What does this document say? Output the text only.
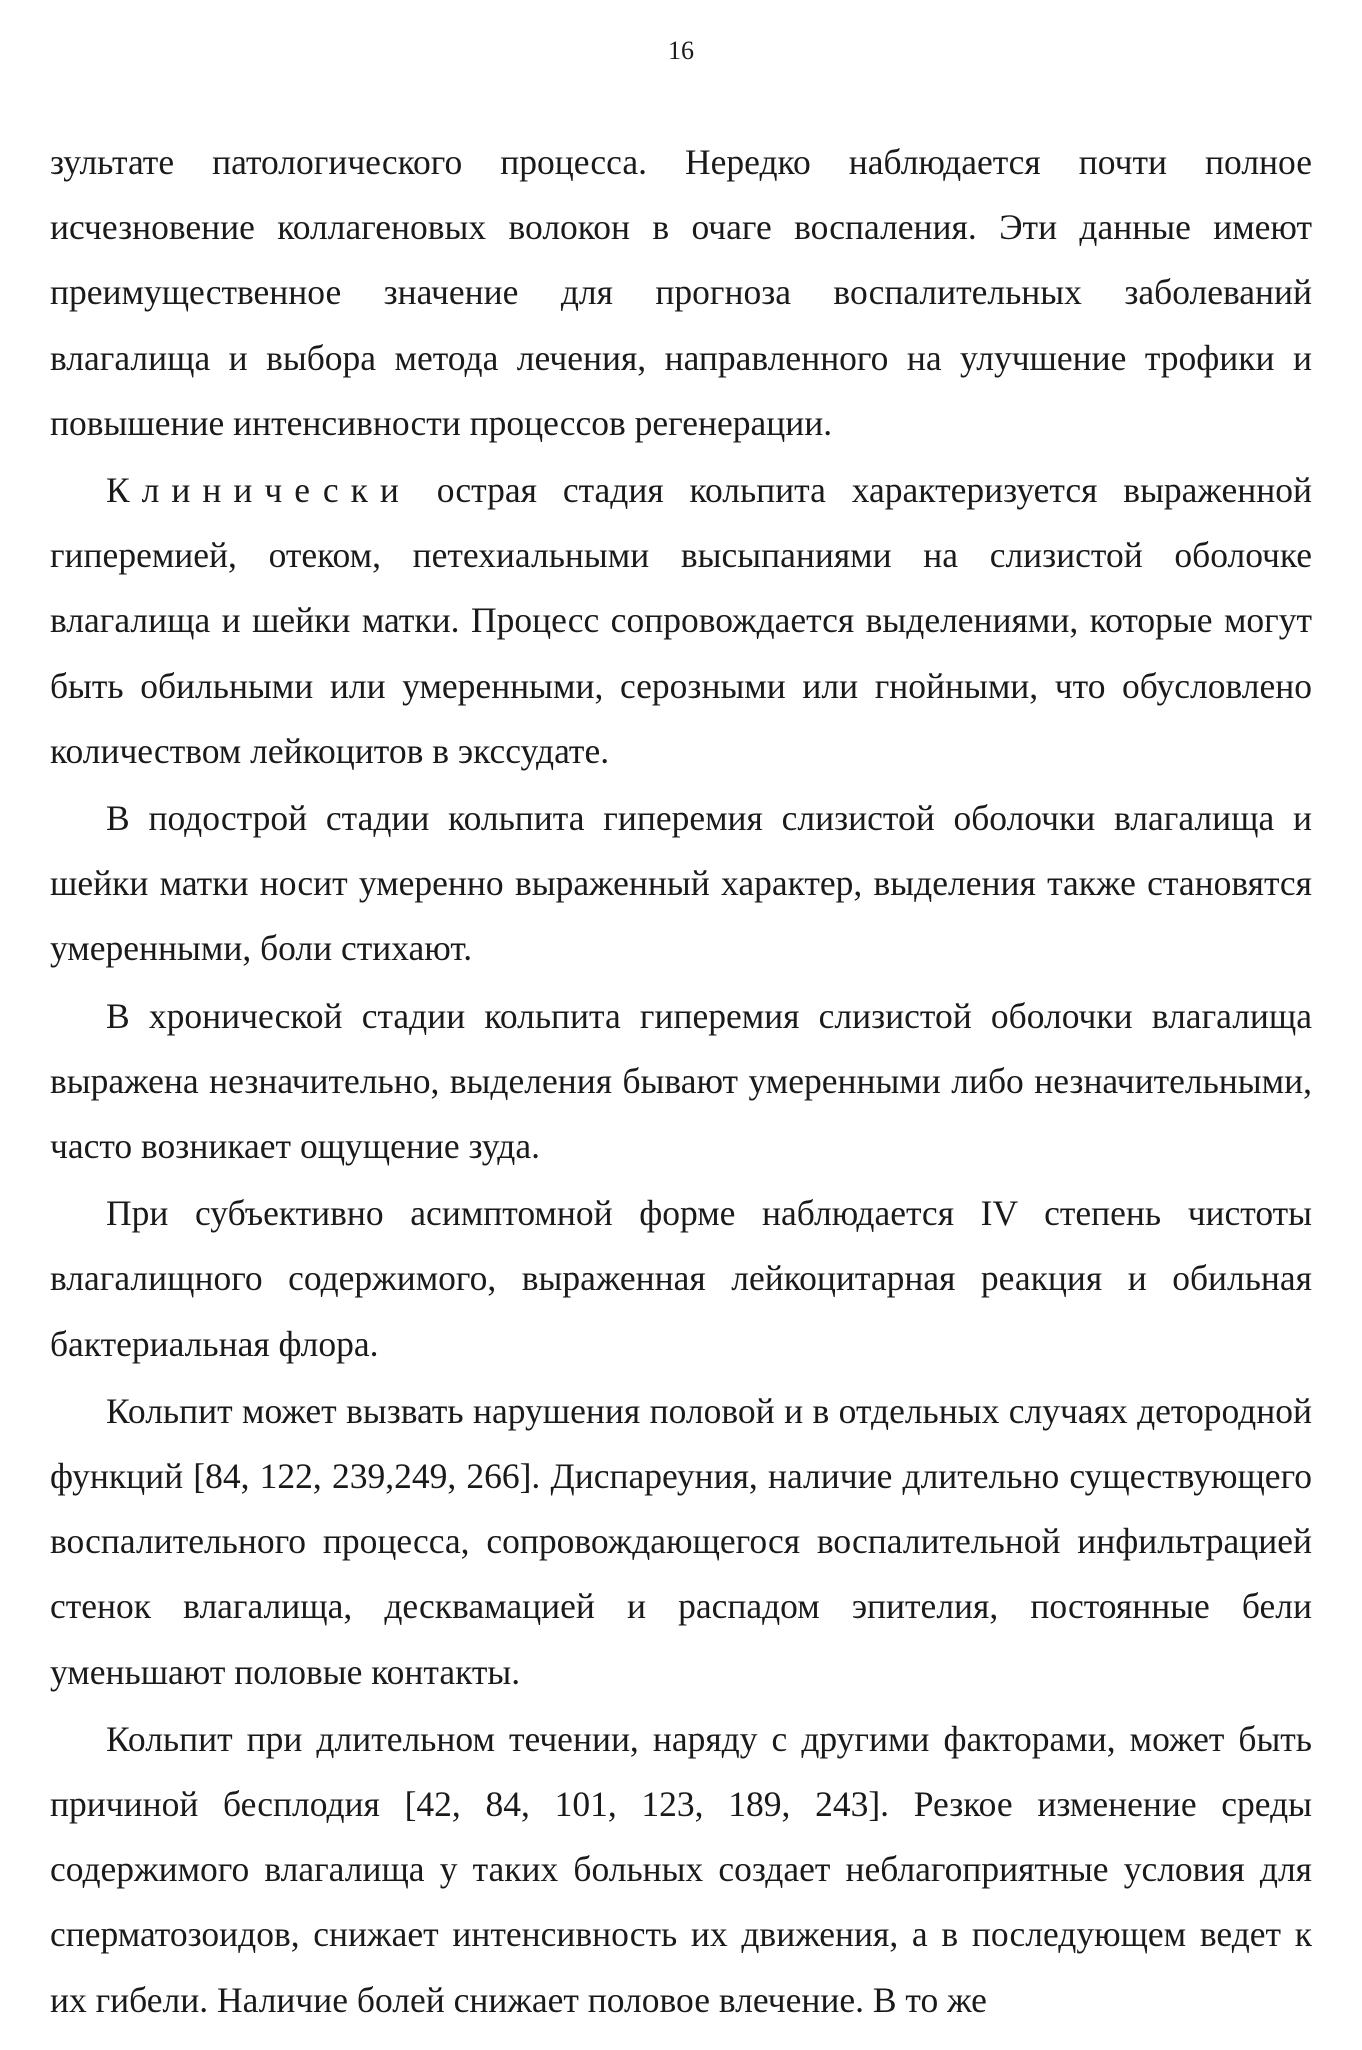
16

зультате патологического процесса. Нередко наблюдается почти полное исчезновение коллагеновых волокон в очаге воспаления. Эти данные имеют преимущественное значение для прогноза воспалительных заболеваний влагалища и выбора метода лечения, направленного на улучшение трофики и повышение интенсивности процессов регенерации.

Клинически острая стадия кольпита характеризуется выраженной гиперемией, отеком, петехиальными высыпаниями на слизистой оболочке влагалища и шейки матки. Процесс сопровождается выделениями, которые могут быть обильными или умеренными, серозными или гнойными, что обусловлено количеством лейкоцитов в экссудате.

В подострой стадии кольпита гиперемия слизистой оболочки влагалища и шейки матки носит умеренно выраженный характер, выделения также становятся умеренными, боли стихают.

В хронической стадии кольпита гиперемия слизистой оболочки влагалища выражена незначительно, выделения бывают умеренными либо незначительными, часто возникает ощущение зуда.

При субъективно асимптомной форме наблюдается IV степень чистоты влагалищного содержимого, выраженная лейкоцитарная реакция и обильная бактериальная флора.

Кольпит может вызвать нарушения половой и в отдельных случаях детородной функций [84, 122, 239,249, 266]. Диспареуния, наличие длительно существующего воспалительного процесса, сопровождающегося воспалительной инфильтрацией стенок влагалища, десквамацией и распадом эпителия, постоянные бели уменьшают половые контакты.

Кольпит при длительном течении, наряду с другими факторами, может быть причиной бесплодия [42, 84, 101, 123, 189, 243]. Резкое изменение среды содержимого влагалища у таких больных создает неблагоприятные условия для сперматозоидов, снижает интенсивность их движения, а в последующем ведет к их гибели. Наличие болей снижает половое влечение. В то же
